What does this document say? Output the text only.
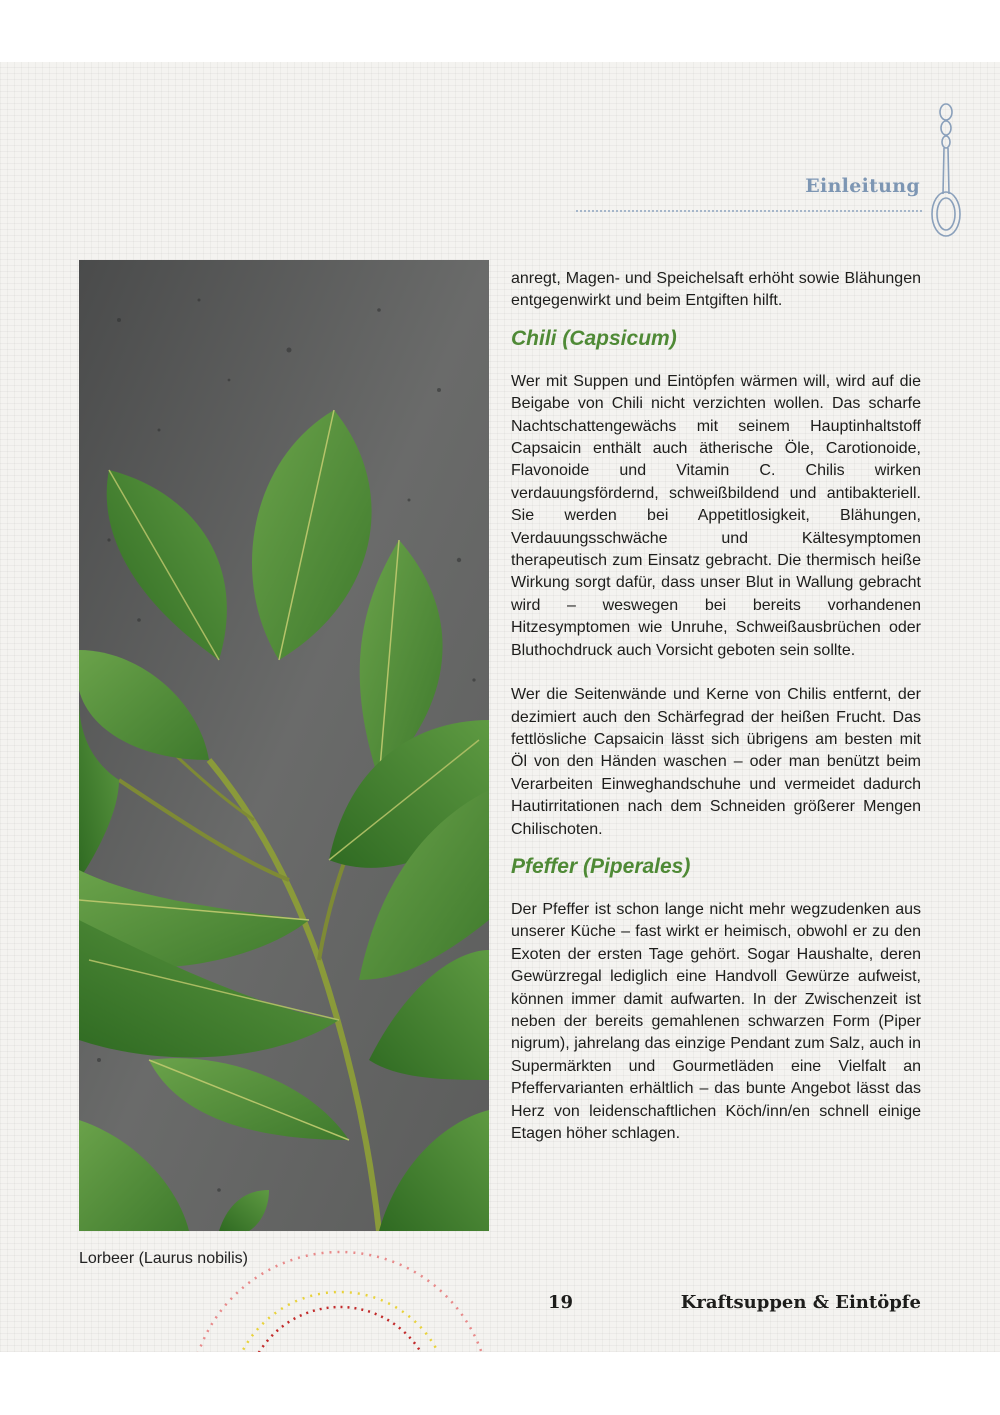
Einleitung
Lorbeer (Laurus nobilis)

anregt, Magen- und Speichelsaft erhöht sowie Blähungen entgegenwirkt und beim Entgiften hilft.

Chili (Capsicum)

Wer mit Suppen und Eintöpfen wärmen will, wird auf die Beigabe von Chili nicht verzichten wollen. Das scharfe Nachtschattengewächs mit seinem Hauptinhaltstoff Capsaicin enthält auch ätherische Öle, Carotionoide, Flavonoide und Vitamin C. Chilis wirken verdauungsfördernd, schweißbildend und antibakteriell. Sie werden bei Appetitlosigkeit, Blähungen, Verdauungsschwäche und Kältesymptomen therapeutisch zum Einsatz gebracht. Die thermisch heiße Wirkung sorgt dafür, dass unser Blut in Wallung gebracht wird – weswegen bei bereits vorhandenen Hitzesymptomen wie Unruhe, Schweißausbrüchen oder Bluthochdruck auch Vorsicht geboten sein sollte.

Wer die Seitenwände und Kerne von Chilis entfernt, der dezimiert auch den Schärfegrad der heißen Frucht. Das fettlösliche Capsaicin lässt sich übrigens am besten mit Öl von den Händen waschen – oder man benützt beim Verarbeiten Einweghandschuhe und vermeidet dadurch Hautirritationen nach dem Schneiden größerer Mengen Chilischoten.

Pfeffer (Piperales)

Der Pfeffer ist schon lange nicht mehr wegzudenken aus unserer Küche – fast wirkt er heimisch, obwohl er zu den Exoten der ersten Tage gehört. Sogar Haushalte, deren Gewürzregal lediglich eine Handvoll Gewürze aufweist, können immer damit aufwarten. In der Zwischenzeit ist neben der bereits gemahlenen schwarzen Form (Piper nigrum), jahrelang das einzige Pendant zum Salz, auch in Supermärkten und Gourmetläden eine Vielfalt an Pfeffervarianten erhältlich – das bunte Angebot lässt das Herz von leidenschaftlichen Köch/inn/en schnell einige Etagen höher schlagen.

19	Kraftsuppen & Eintöpfe
